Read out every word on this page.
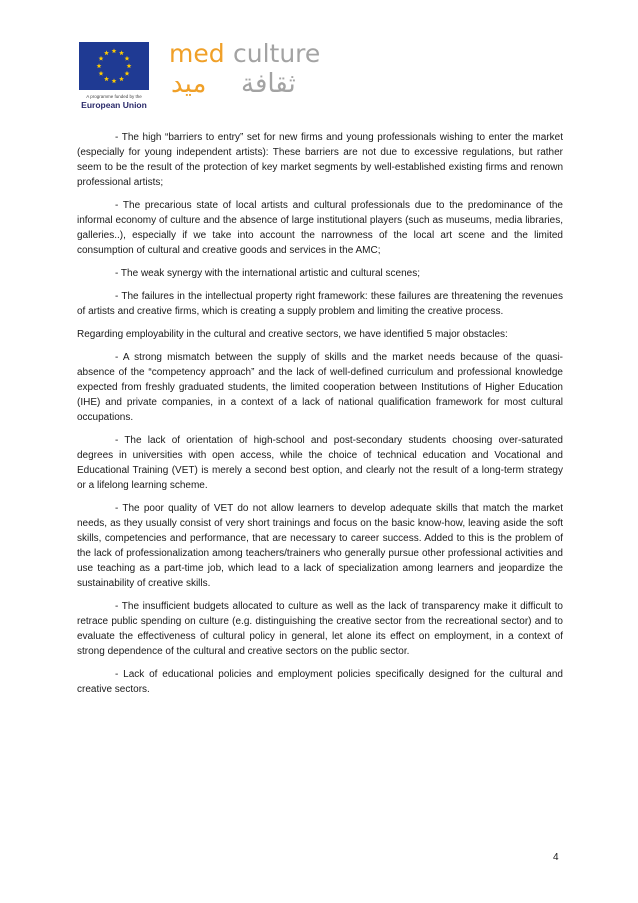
A programme funded by the
European Union
med culture
ميد ثقافة

- The high “barriers to entry” set for new firms and young professionals wishing to enter the market (especially for young independent artists): These barriers are not due to excessive regulations, but rather seem to be the result of the protection of key market segments by well-established existing firms and renown professional artists;

- The precarious state of local artists and cultural professionals due to the predominance of the informal economy of culture and the absence of large institutional players (such as museums, media libraries, galleries..), especially if we take into account the narrowness of the local art scene and the limited consumption of cultural and creative goods and services in the AMC;

- The weak synergy with the international artistic and cultural scenes;

- The failures in the intellectual property right framework: these failures are threatening the revenues of artists and creative firms, which is creating a supply problem and limiting the creative process.

Regarding employability in the cultural and creative sectors, we have identified 5 major obstacles:

- A strong mismatch between the supply of skills and the market needs because of the quasi-absence of the “competency approach” and the lack of well-defined curriculum and professional knowledge expected from freshly graduated students, the limited cooperation between Institutions of Higher Education (IHE) and private companies, in a context of a lack of national qualification framework for most cultural occupations.

- The lack of orientation of high-school and post-secondary students choosing over-saturated degrees in universities with open access, while the choice of technical education and Vocational and Educational Training (VET) is merely a second best option, and clearly not the result of a long-term strategy or a lifelong learning scheme.

- The poor quality of VET do not allow learners to develop adequate skills that match the market needs, as they usually consist of very short trainings and focus on the basic know-how, leaving aside the soft skills, competencies and performance, that are necessary to career success. Added to this is the problem of the lack of professionalization among teachers/trainers who generally pursue other professional activities and use teaching as a part-time job, which lead to a lack of specialization among learners and jeopardize the sustainability of creative skills.

- The insufficient budgets allocated to culture as well as the lack of transparency make it difficult to retrace public spending on culture (e.g. distinguishing the creative sector from the recreational sector) and to evaluate the effectiveness of cultural policy in general, let alone its effect on employment, in a context of strong dependence of the cultural and creative sectors on the public sector.

- Lack of educational policies and employment policies specifically designed for the cultural and creative sectors.

4
